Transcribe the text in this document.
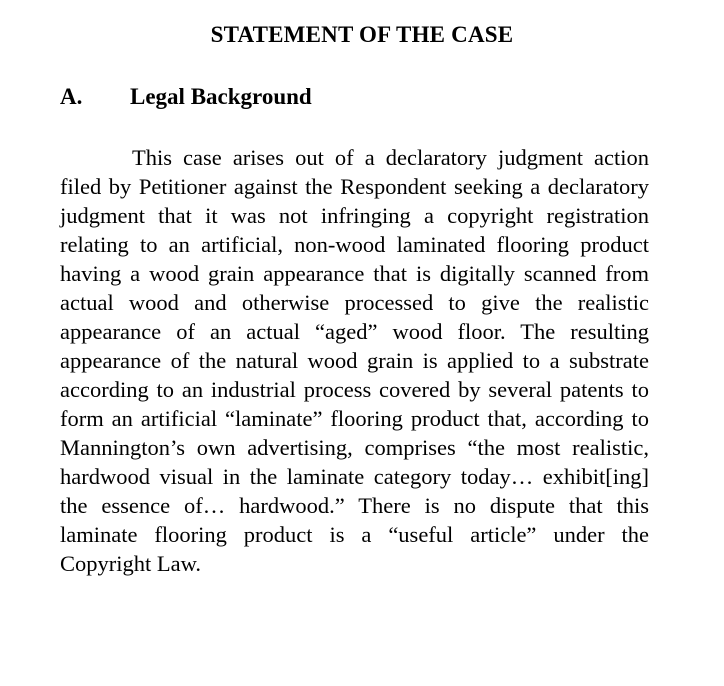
STATEMENT OF THE CASE
A.	Legal Background

This case arises out of a declaratory judgment action filed by Petitioner against the Respondent seeking a declaratory judgment that it was not infringing a copyright registration relating to an artificial, non-wood laminated flooring product having a wood grain appearance that is digitally scanned from actual wood and otherwise processed to give the realistic appearance of an actual “aged” wood floor. The resulting appearance of the natural wood grain is applied to a substrate according to an industrial process covered by several patents to form an artificial “laminate” flooring product that, according to Mannington’s own advertising, comprises “the most realistic, hardwood visual in the laminate category today… exhibit[ing] the essence of… hardwood.” There is no dispute that this laminate flooring product is a “useful article” under the Copyright Law.
